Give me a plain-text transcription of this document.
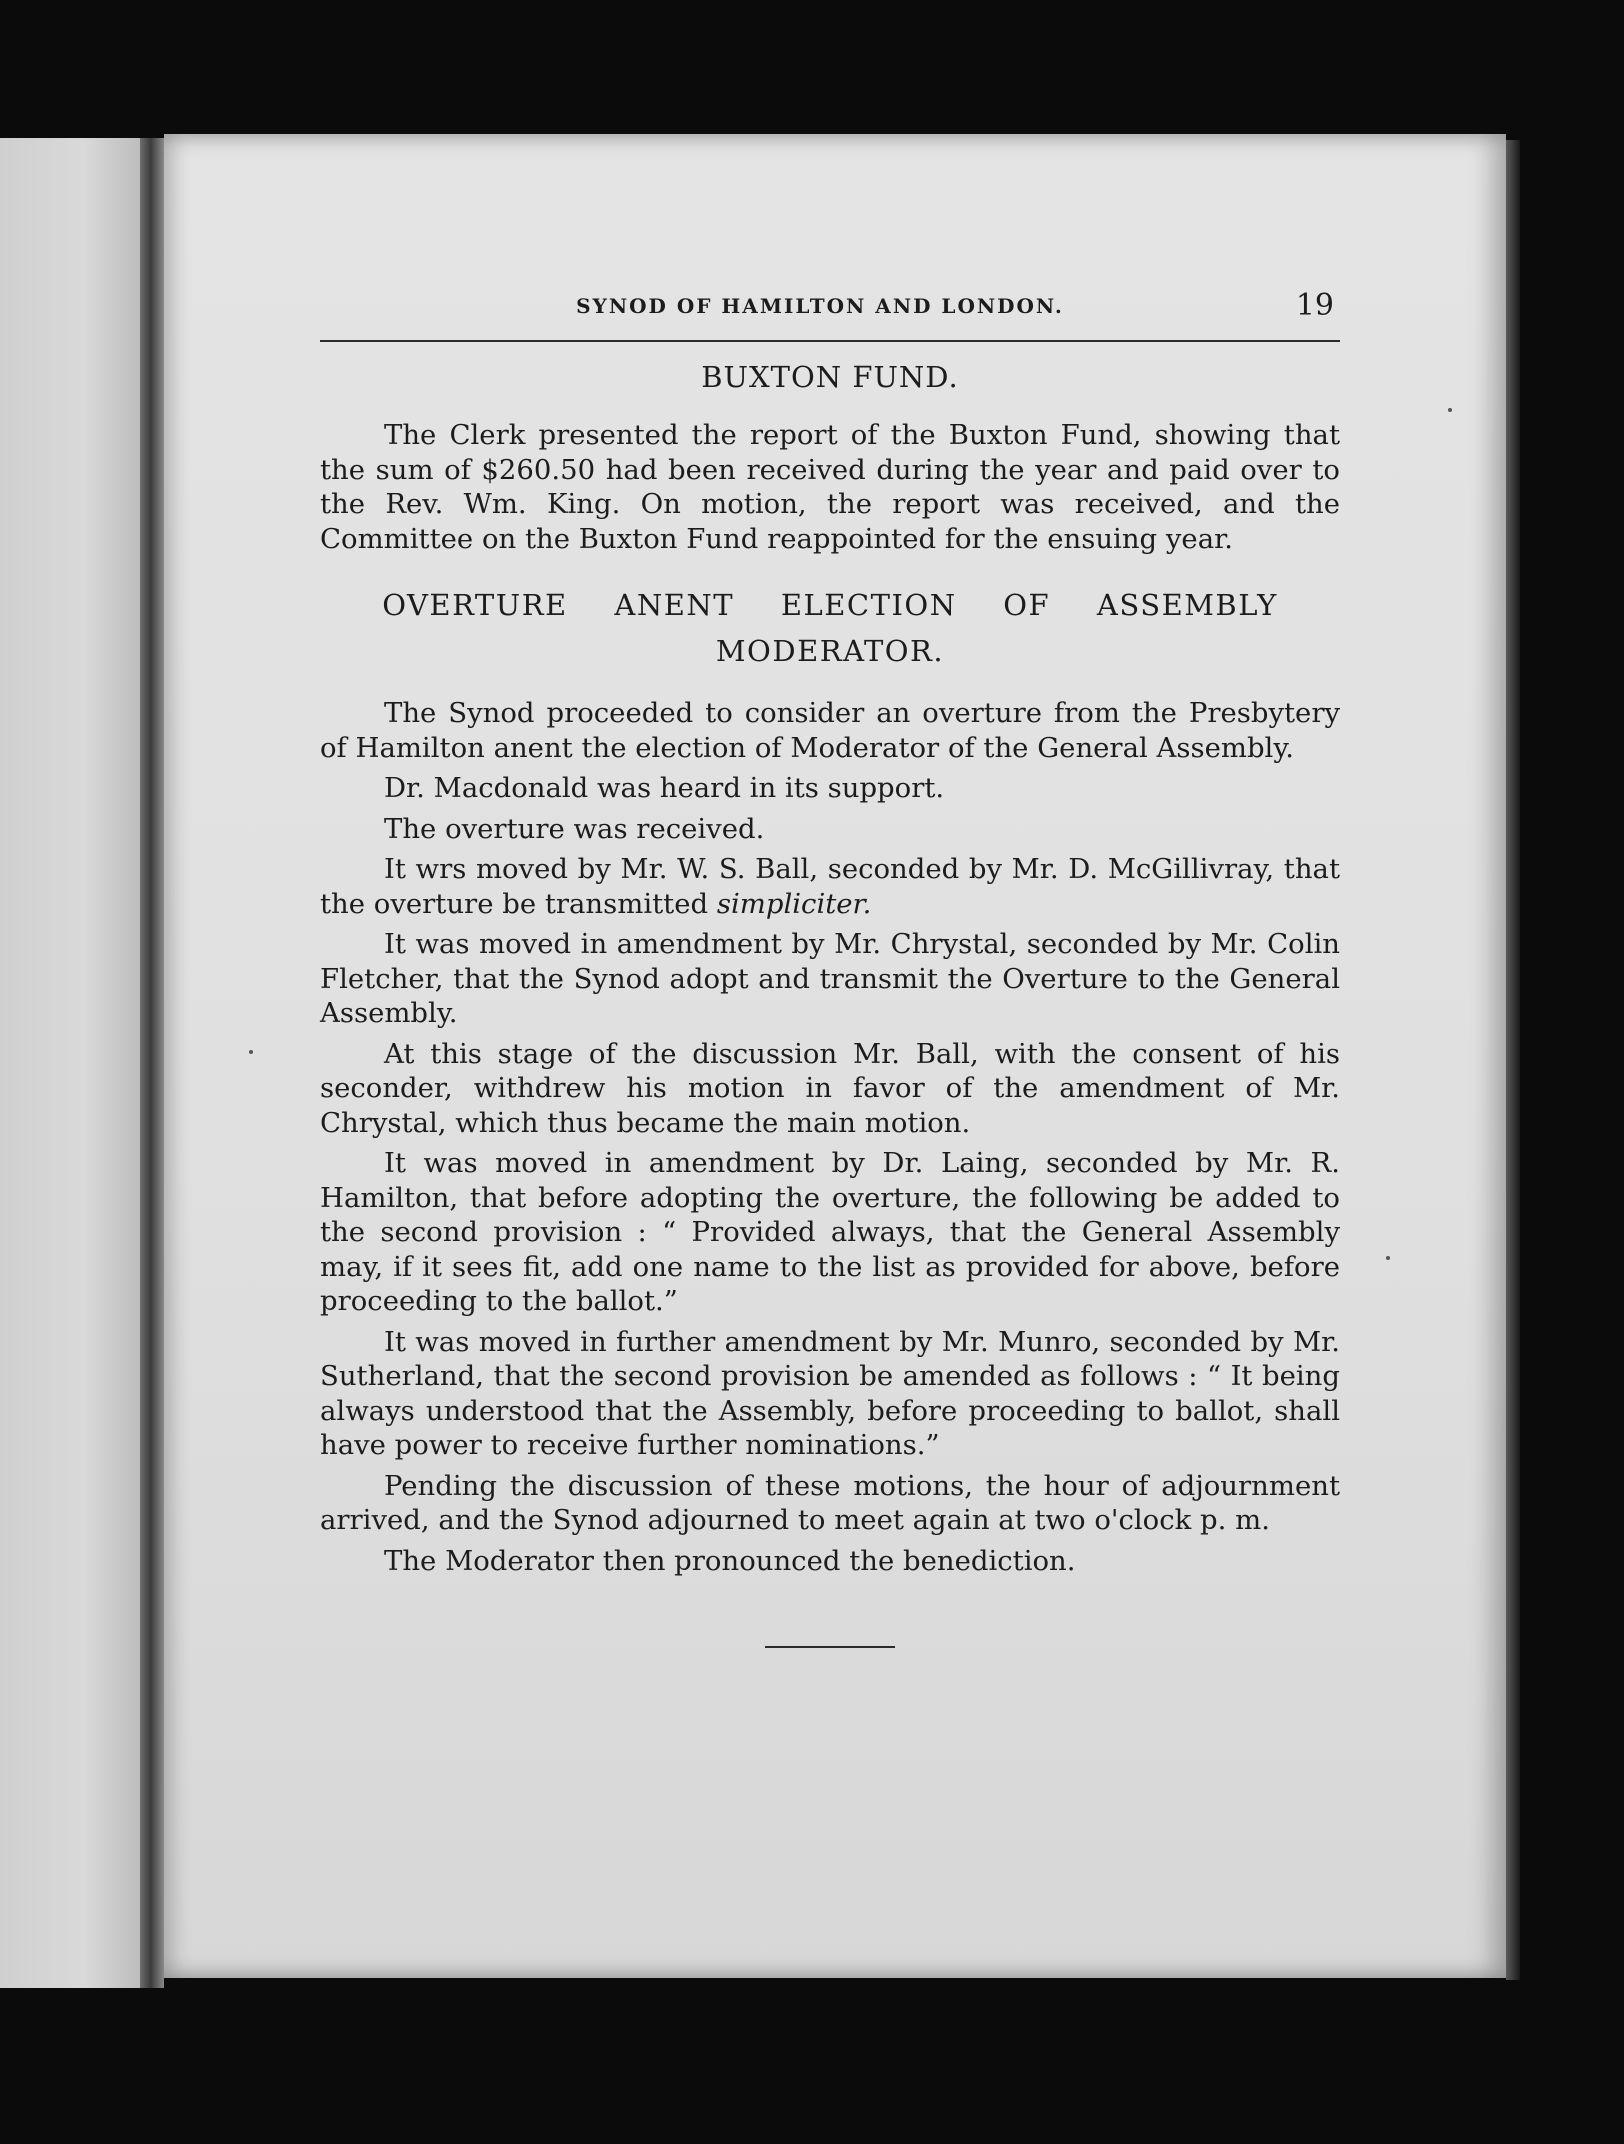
SYNOD OF HAMILTON AND LONDON.	19
BUXTON FUND.

The Clerk presented the report of the Buxton Fund, showing that the sum of $260.50 had been received during the year and paid over to the Rev. Wm. King. On motion, the report was received, and the Committee on the Buxton Fund reappointed for the ensuing year.

OVERTURE ANENT ELECTION OF ASSEMBLY
MODERATOR.

The Synod proceeded to consider an overture from the Presbytery of Hamilton anent the election of Moderator of the General Assembly.

Dr. Macdonald was heard in its support.

The overture was received.

It wrs moved by Mr. W. S. Ball, seconded by Mr. D. McGillivray, that the overture be transmitted simpliciter.

It was moved in amendment by Mr. Chrystal, seconded by Mr. Colin Fletcher, that the Synod adopt and transmit the Overture to the General Assembly.

At this stage of the discussion Mr. Ball, with the consent of his seconder, withdrew his motion in favor of the amendment of Mr. Chrystal, which thus became the main motion.

It was moved in amendment by Dr. Laing, seconded by Mr. R. Hamilton, that before adopting the overture, the following be added to the second provision : “ Provided always, that the General Assembly may, if it sees fit, add one name to the list as provided for above, before proceeding to the ballot.”

It was moved in further amendment by Mr. Munro, seconded by Mr. Sutherland, that the second provision be amended as follows : “ It being always understood that the Assembly, before proceeding to ballot, shall have power to receive further nominations.”

Pending the discussion of these motions, the hour of adjournment arrived, and the Synod adjourned to meet again at two o'clock p. m.

The Moderator then pronounced the benediction.
